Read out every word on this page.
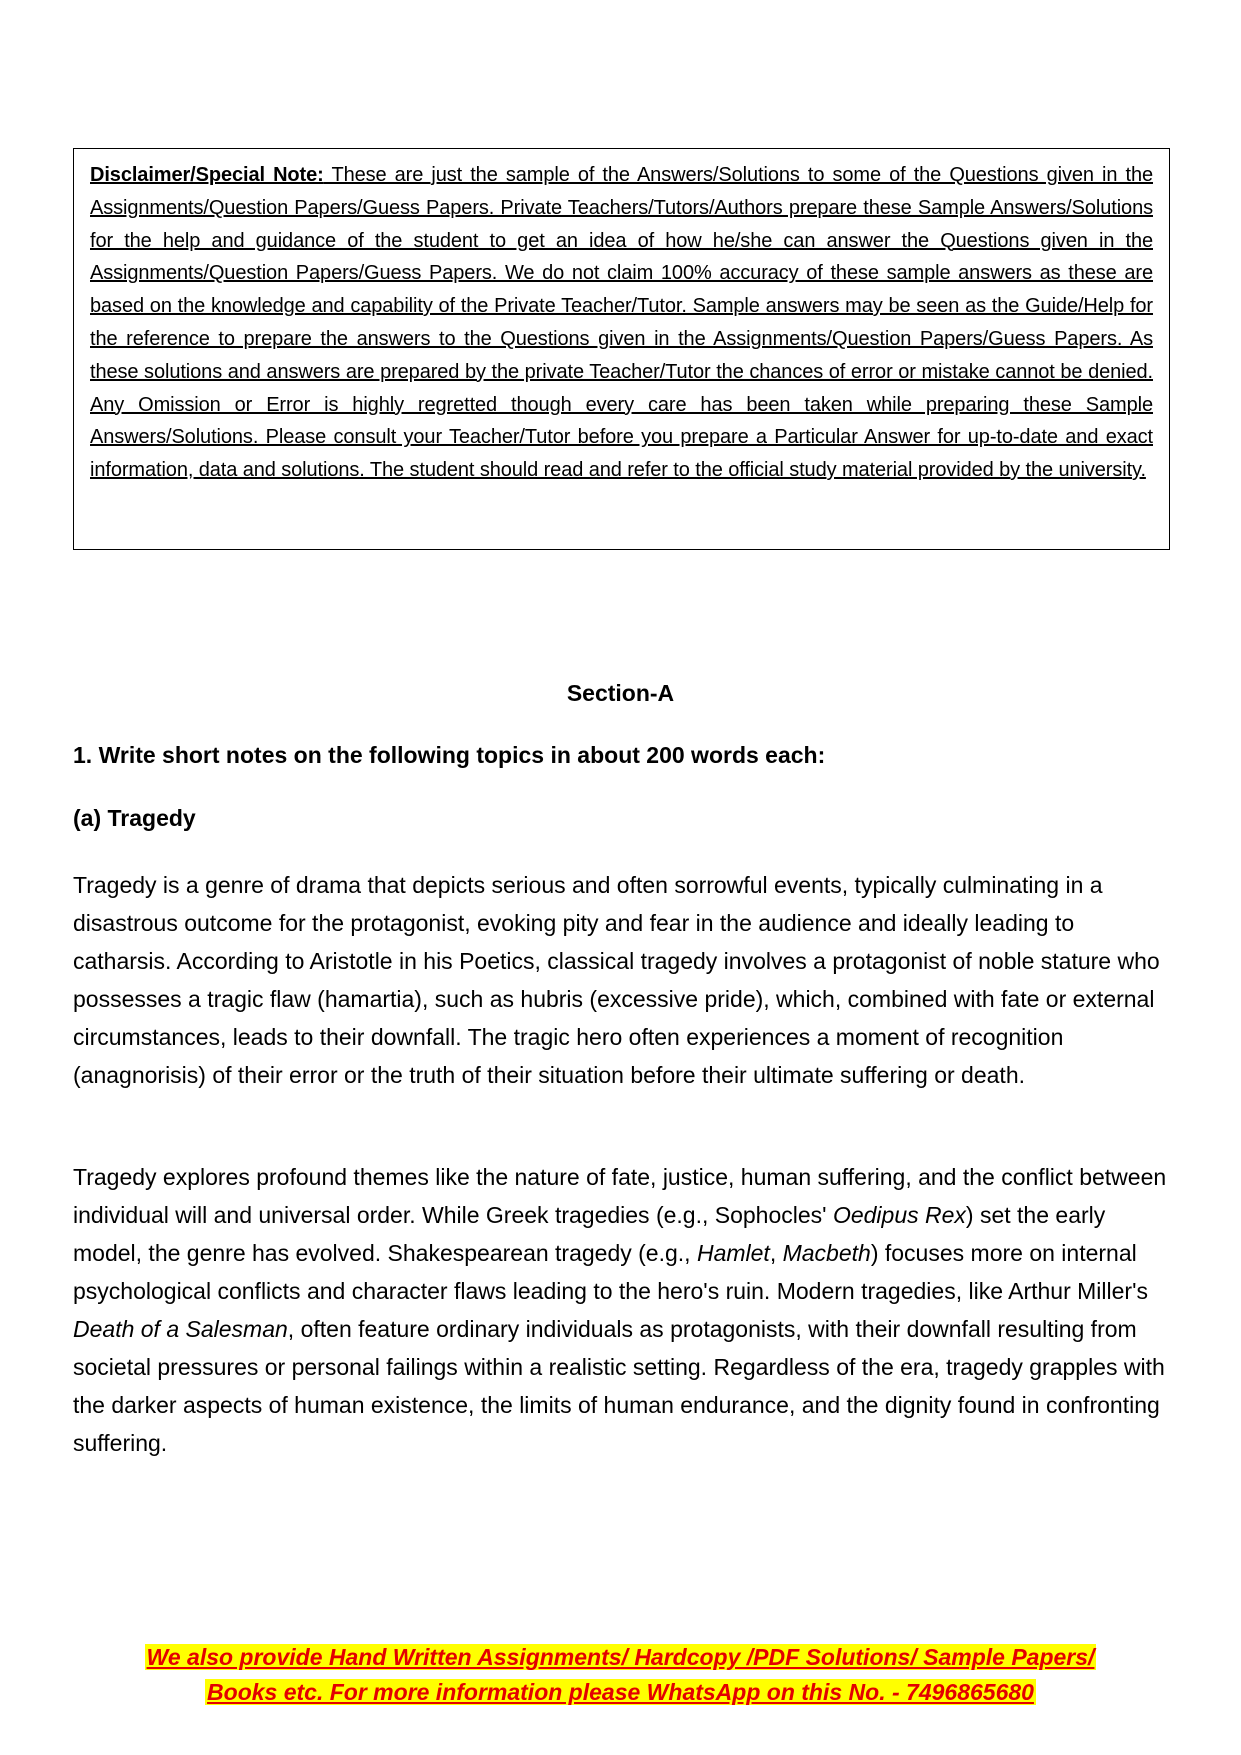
Disclaimer/Special Note: These are just the sample of the Answers/Solutions to some of the Questions given in the Assignments/Question Papers/Guess Papers. Private Teachers/Tutors/Authors prepare these Sample Answers/Solutions for the help and guidance of the student to get an idea of how he/she can answer the Questions given in the Assignments/Question Papers/Guess Papers. We do not claim 100% accuracy of these sample answers as these are based on the knowledge and capability of the Private Teacher/Tutor. Sample answers may be seen as the Guide/Help for the reference to prepare the answers to the Questions given in the Assignments/Question Papers/Guess Papers. As these solutions and answers are prepared by the private Teacher/Tutor the chances of error or mistake cannot be denied. Any Omission or Error is highly regretted though every care has been taken while preparing these Sample Answers/Solutions. Please consult your Teacher/Tutor before you prepare a Particular Answer for up-to-date and exact information, data and solutions. The student should read and refer to the official study material provided by the university.

Section-A
1. Write short notes on the following topics in about 200 words each:
(a) Tragedy

Tragedy is a genre of drama that depicts serious and often sorrowful events, typically culminating in a disastrous outcome for the protagonist, evoking pity and fear in the audience and ideally leading to catharsis. According to Aristotle in his Poetics, classical tragedy involves a protagonist of noble stature who possesses a tragic flaw (hamartia), such as hubris (excessive pride), which, combined with fate or external circumstances, leads to their downfall. The tragic hero often experiences a moment of recognition (anagnorisis) of their error or the truth of their situation before their ultimate suffering or death.

Tragedy explores profound themes like the nature of fate, justice, human suffering, and the conflict between individual will and universal order. While Greek tragedies (e.g., Sophocles' Oedipus Rex) set the early model, the genre has evolved. Shakespearean tragedy (e.g., Hamlet, Macbeth) focuses more on internal psychological conflicts and character flaws leading to the hero's ruin. Modern tragedies, like Arthur Miller's Death of a Salesman, often feature ordinary individuals as protagonists, with their downfall resulting from societal pressures or personal failings within a realistic setting. Regardless of the era, tragedy grapples with the darker aspects of human existence, the limits of human endurance, and the dignity found in confronting suffering.

We also provide Hand Written Assignments/ Hardcopy /PDF Solutions/ Sample Papers/
Books etc. For more information please WhatsApp on this No. - 7496865680
